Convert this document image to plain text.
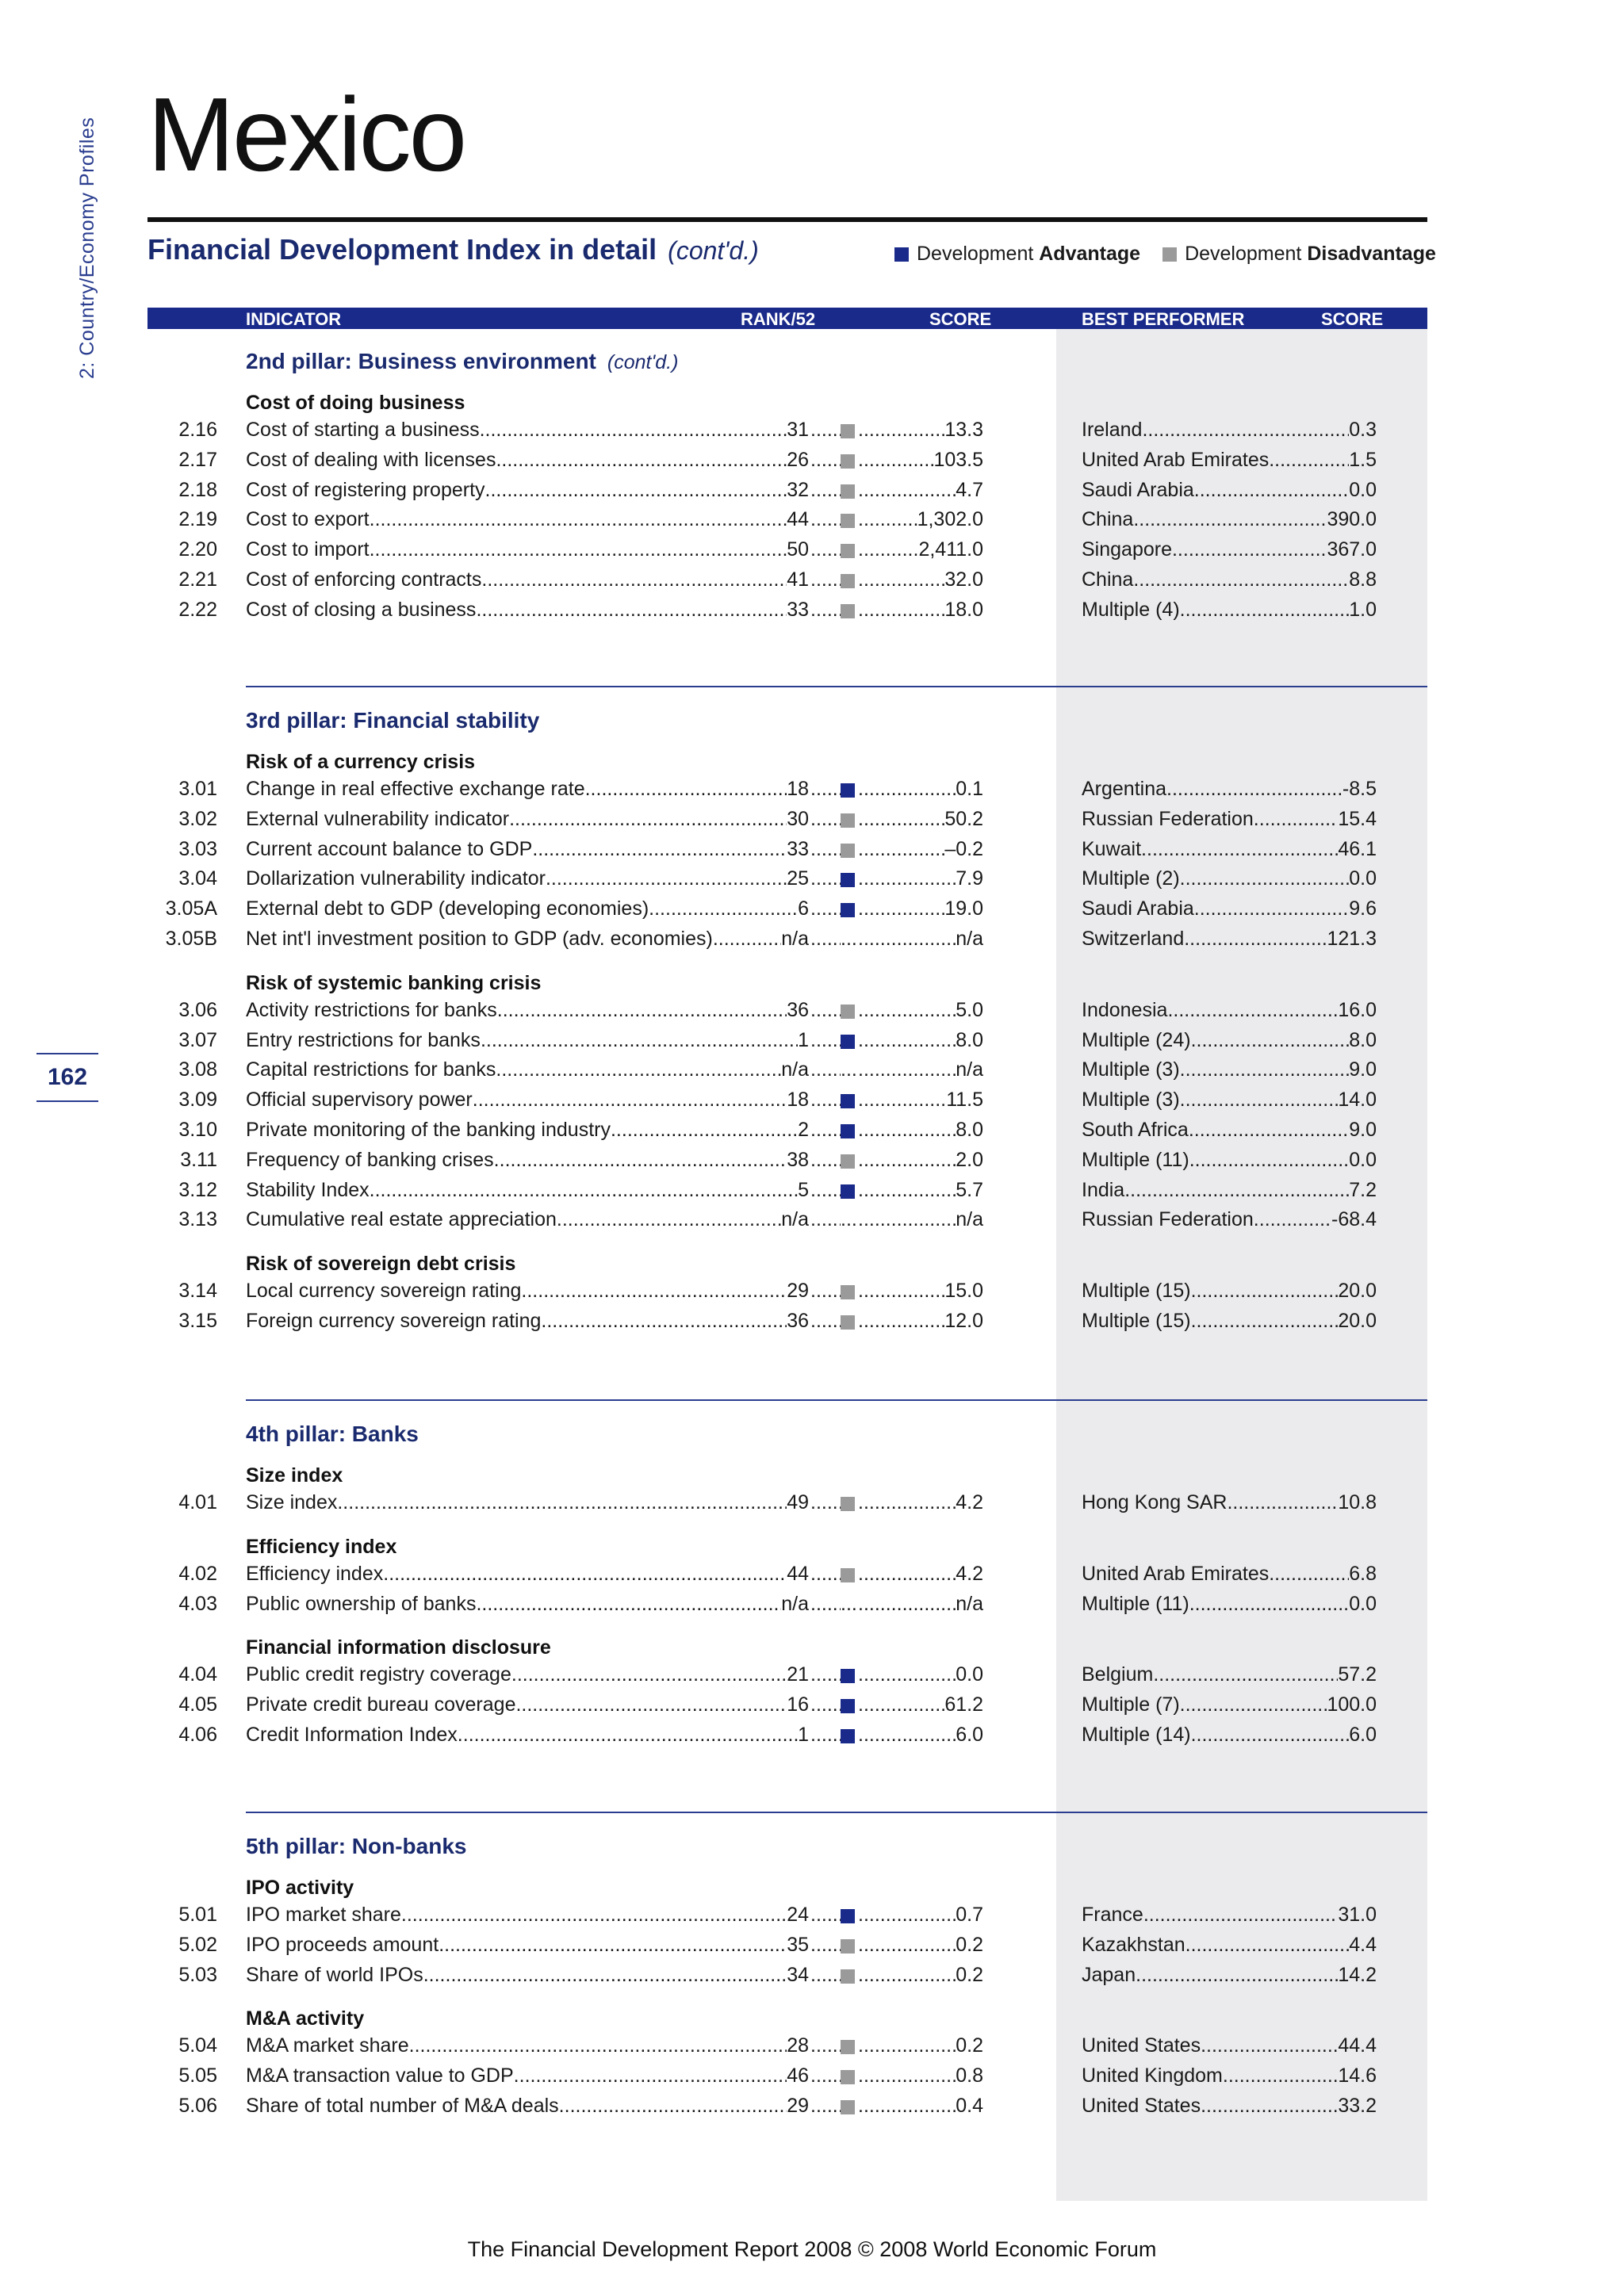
2: Country/Economy Profiles
162
Mexico
Financial Development Index in detail (cont'd.)	Development Advantage Development Disadvantage
INDICATOR	RANK/52	SCORE	BEST PERFORMER	SCORE
2nd pillar: Business environment (cont'd.)
Cost of doing business
2.16 Cost of starting a business .....	31 ..... .....	13.3	Ireland .....	0.3
2.17 Cost of dealing with licenses .....	26 ..... .....	103.5	United Arab Emirates .....	1.5
2.18 Cost of registering property .....	32 ..... .....	4.7	Saudi Arabia .....	0.0
2.19 Cost to export .....	44 ..... .....	1,302.0	China .....	390.0
2.20 Cost to import .....	50 ..... .....	2,411.0	Singapore .....	367.0
2.21 Cost of enforcing contracts .....	41 ..... .....	32.0	China .....	8.8
2.22 Cost of closing a business .....	33 ..... .....	18.0	Multiple (4) .....	1.0
3rd pillar: Financial stability
Risk of a currency crisis
3.01 Change in real effective exchange rate .....	18 ..... .....	0.1	Argentina .....	-8.5
3.02 External vulnerability indicator .....	30 ..... .....	50.2	Russian Federation .....	15.4
3.03 Current account balance to GDP .....	33 ..... .....	–0.2	Kuwait .....	46.1
3.04 Dollarization vulnerability indicator .....	25 ..... .....	7.9	Multiple (2) .....	0.0
3.05A External debt to GDP (developing economies) .....	6 ..... .....	19.0	Saudi Arabia .....	9.6
3.05B Net int'l investment position to GDP (adv. economies) .....	n/a ..... ..... .....	n/a	Switzerland .....	121.3
Risk of systemic banking crisis
3.06 Activity restrictions for banks .....	36 ..... .....	5.0	Indonesia .....	16.0
3.07 Entry restrictions for banks .....	1 ..... .....	8.0	Multiple (24) .....	8.0
3.08 Capital restrictions for banks .....	n/a ..... ..... .....	n/a	Multiple (3) .....	9.0
3.09 Official supervisory power .....	18 ..... .....	11.5	Multiple (3) .....	14.0
3.10 Private monitoring of the banking industry .....	2 ..... .....	8.0	South Africa .....	9.0
3.11 Frequency of banking crises .....	38 ..... .....	2.0	Multiple (11) .....	0.0
3.12 Stability Index .....	5 ..... .....	5.7	India .....	7.2
3.13 Cumulative real estate appreciation .....	n/a ..... ..... .....	n/a	Russian Federation .....	-68.4
Risk of sovereign debt crisis
3.14 Local currency sovereign rating .....	29 ..... .....	15.0	Multiple (15) .....	20.0
3.15 Foreign currency sovereign rating .....	36 ..... .....	12.0	Multiple (15) .....	20.0
4th pillar: Banks
Size index
4.01 Size index .....	49 ..... .....	4.2	Hong Kong SAR .....	10.8
Efficiency index
4.02 Efficiency index .....	44 ..... .....	4.2	United Arab Emirates .....	6.8
4.03 Public ownership of banks .....	n/a ..... ..... .....	n/a	Multiple (11) .....	0.0
Financial information disclosure
4.04 Public credit registry coverage .....	21 ..... .....	0.0	Belgium .....	57.2
4.05 Private credit bureau coverage .....	16 ..... .....	61.2	Multiple (7) .....	100.0
4.06 Credit Information Index .....	1 ..... .....	6.0	Multiple (14) .....	6.0
5th pillar: Non-banks
IPO activity
5.01 IPO market share .....	24 ..... .....	0.7	France .....	31.0
5.02 IPO proceeds amount .....	35 ..... .....	0.2	Kazakhstan .....	4.4
5.03 Share of world IPOs .....	34 ..... .....	0.2	Japan .....	14.2
M&A activity
5.04 M&A market share .....	28 ..... .....	0.2	United States .....	44.4
5.05 M&A transaction value to GDP .....	46 ..... .....	0.8	United Kingdom .....	14.6
5.06 Share of total number of M&A deals .....	29 ..... .....	0.4	United States .....	33.2
The Financial Development Report 2008 © 2008 World Economic Forum
